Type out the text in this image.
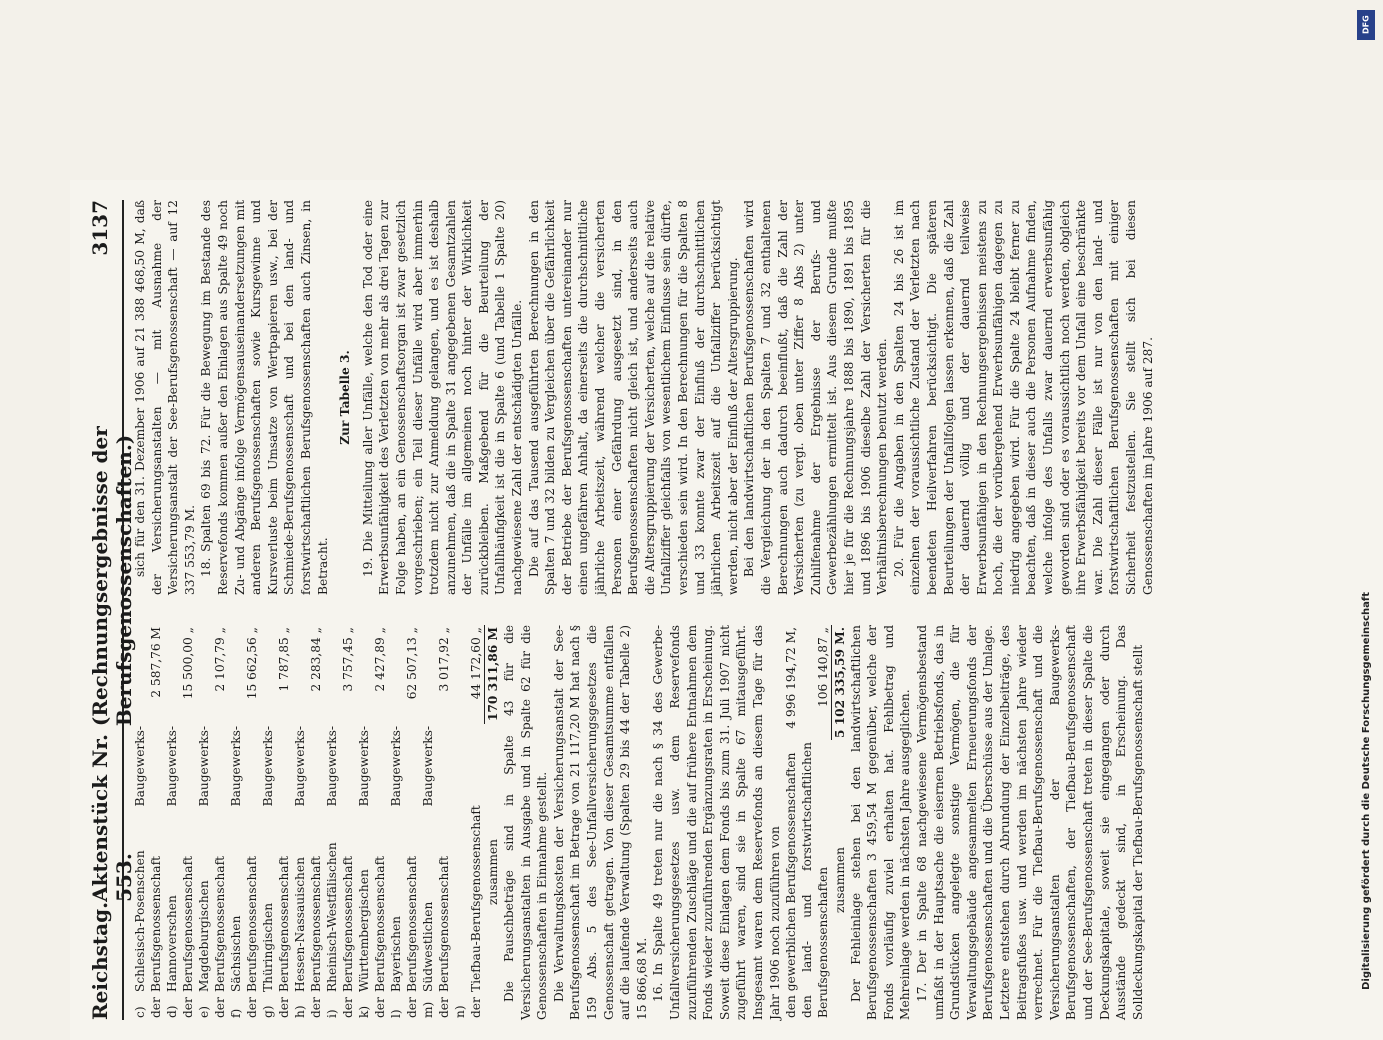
Reichstag.
Aktenstück Nr. 553.
(Rechnungsergebnisse der Berufsgenossenschaften.)
3137
c) der	Schlesisch-Posenschen Baugewerks-Berufsgenossenschaft	2 587,76 M
d) der	Hannoverschen Baugewerks-Berufsgenossenschaft	15 500,00 „
e) der	Magdeburgischen Baugewerks-Berufsgenossenschaft	2 107,79 „
f) der	Sächsischen Baugewerks-Berufsgenossenschaft	15 662,56 „
g) der	Thüringischen Baugewerks-Berufsgenossenschaft	1 787,85 „
h) der	Hessen-Nassauischen Baugewerks-Berufsgenossenschaft	2 283,84 „
i) der	Rheinisch-Westfälischen Baugewerks-Berufsgenossenschaft	3 757,45 „
k) der	Württembergischen Baugewerks-Berufsgenossenschaft	2 427,89 „
l) der	Bayerischen Baugewerks-Berufsgenossenschaft	62 507,13 „
m) der	Südwestlichen Baugewerks-Berufsgenossenschaft	3 017,92 „
n) der	Tiefbau-Berufsgenossenschaft	44 172,60 „
zusammen	170 311,86 M Die Pauschbeträge sind in Spalte 43 für die Versicherungsanstalten in Ausgabe und in Spalte 62 für die Genossenschaften in Einnahme gestellt. Die Verwaltungskosten der Versicherungsanstalt der See-Berufsgenossenschaft im Betrage von 21 117,20 M hat nach § 159 Abs. 5 des See-Unfallversicherungsgesetzes die Genossenschaft getragen. Von dieser Gesamtsumme entfallen auf die laufende Verwaltung (Spalten 29 bis 44 der Tabelle 2) 15 866,68 M. 16. In Spalte 49 treten nur die nach § 34 des Gewerbe-Unfallversicherungsgesetzes usw. dem Reservefonds zuzuführenden Zuschläge und die auf frühere Entnahmen dem Fonds wieder zuzuführenden Ergänzungsraten in Erscheinung. Soweit diese Einlagen dem Fonds bis zum 31. Juli 1907 nicht zugeführt waren, sind sie in Spalte 67 mitausgeführt. Insgesamt waren dem Reservefonds an diesem Tage für das Jahr 1906 noch zuzuführen von den gewerblichen Berufsgenossenschaften	4 996 194,72 M,
den land- und forstwirtschaftlichen Berufsgenossenschaften	106 140,87 „
zusammen	5 102 335,59 M. Der Fehleinlage stehen bei den landwirtschaftlichen Berufsgenossenschaften 3 459,54 M gegenüber, welche der Fonds vorläufig zuviel erhalten hat. Fehlbetrag und Mehreinlage werden in nächsten Jahre ausgeglichen. 17. Der in Spalte 68 nachgewiesene Vermögensbestand umfaßt in der Hauptsache die eisernen Betriebsfonds, das in Grundstücken angelegte sonstige Vermögen, die für Verwaltungsgebäude angesammelten Erneuerungsfonds der Berufsgenossenschaften und die Überschüsse aus der Umlage. Letztere entstehen durch Abrundung der Einzelbeiträge, des Beitragsfußes usw. und werden im nächsten Jahre wieder verrechnet. Für die Tiefbau-Berufsgenossenschaft und die Versicherungsanstalten der Baugewerks-Berufsgenossenschaften, der Tiefbau-Berufsgenossenschaft und der See-Berufsgenossenschaft treten in dieser Spalte die Deckungskapitale, soweit sie eingegangen oder durch Ausstände gedeckt sind, in Erscheinung. Das Solldeckungskapital der Tiefbau-Berufsgenossenschaft stellt

sich für den 31. Dezember 1906 auf 21 388 468,50 M, daß der Versicherungsanstalten — mit Ausnahme der Versicherungsanstalt der See-Berufsgenossenschaft — auf 12 337 553,79 M. 18. Spalten 69 bis 72. Für die Bewegung im Bestande des Reservefonds kommen außer den Einlagen aus Spalte 49 noch Zu- und Abgänge infolge Vermögensauseinandersetzungen mit anderen Berufsgenossenschaften sowie Kursgewinne und Kursverluste beim Umsatze von Wertpapieren usw., bei der Schmiede-Berufsgenossenschaft und bei den land- und forstwirtschaftlichen Berufsgenossenschaften auch Zinsen, in Betracht.

Zur Tabelle 3. 19. Die Mitteilung aller Unfälle, welche den Tod oder eine Erwerbsunfähigkeit des Verletzten von mehr als drei Tagen zur Folge haben, an ein Genossenschaftsorgan ist zwar gesetzlich vorgeschrieben; ein Teil dieser Unfälle wird aber immerhin trotzdem nicht zur Anmeldung gelangen, und es ist deshalb anzunehmen, daß die in Spalte 31 angegebenen Gesamtzahlen der Unfälle im allgemeinen noch hinter der Wirklichkeit zurückbleiben. Maßgebend für die Beurteilung der Unfallhäufigkeit ist die in Spalte 6 (und Tabelle 1 Spalte 20) nachgewiesene Zahl der entschädigten Unfälle. Die auf das Tausend ausgeführten Berechnungen in den Spalten 7 und 32 bilden zu Vergleichen über die Gefährlichkeit der Betriebe der Berufsgenossenschaften untereinander nur einen ungefähren Anhalt, da einerseits die durchschnittliche jährliche Arbeitszeit, während welcher die versicherten Personen einer Gefährdung ausgesetzt sind, in den Berufsgenossenschaften nicht gleich ist, und anderseits auch die Altersgruppierung der Versicherten, welche auf die relative Unfallziffer gleichfalls von wesentlichem Einflusse sein dürfte, verschieden sein wird. In den Berechnungen für die Spalten 8 und 33 konnte zwar der Einfluß der durchschnittlichen jährlichen Arbeitszeit auf die Unfallziffer berücksichtigt werden, nicht aber der Einfluß der Altersgruppierung. Bei den landwirtschaftlichen Berufsgenossenschaften wird die Vergleichung der in den Spalten 7 und 32 enthaltenen Berechnungen auch dadurch beeinflußt, daß die Zahl der Versicherten (zu vergl. oben unter Ziffer 8 Abs 2) unter Zuhilfenahme der Ergebnisse der Berufs- und Gewerbezählungen ermittelt ist. Aus diesem Grunde mußte hier je für die Rechnungsjahre 1888 bis 1890, 1891 bis 1895 und 1896 bis 1906 dieselbe Zahl der Versicherten für die Verhältnisberechnungen benutzt werden. 20. Für die Angaben in den Spalten 24 bis 26 ist im einzelnen der voraussichtliche Zustand der Verletzten nach beendeten Heilverfahren berücksichtigt. Die späteren Beurteilungen der Unfallfolgen lassen erkennen, daß die Zahl der dauernd völlig und der dauernd teilweise Erwerbsunfähigen in den Rechnungsergebnissen meistens zu hoch, die der vorübergehend Erwerbsunfähigen dagegen zu niedrig angegeben wird. Für die Spalte 24 bleibt ferner zu beachten, daß in dieser auch die Personen Aufnahme finden, welche infolge des Unfalls zwar dauernd erwerbsunfähig geworden sind oder es voraussichtlich noch werden, obgleich ihre Erwerbsfähigkeit bereits vor dem Unfall eine beschränkte war. Die Zahl dieser Fälle ist nur von den land- und forstwirtschaftlichen Berufsgenossenschaften mit einiger Sicherheit festzustellen. Sie stellt sich bei diesen Genossenschaften im Jahre 1906 auf 287.

DFG
Digitalisierung gefördert durch die Deutsche Forschungsgemeinschaft
